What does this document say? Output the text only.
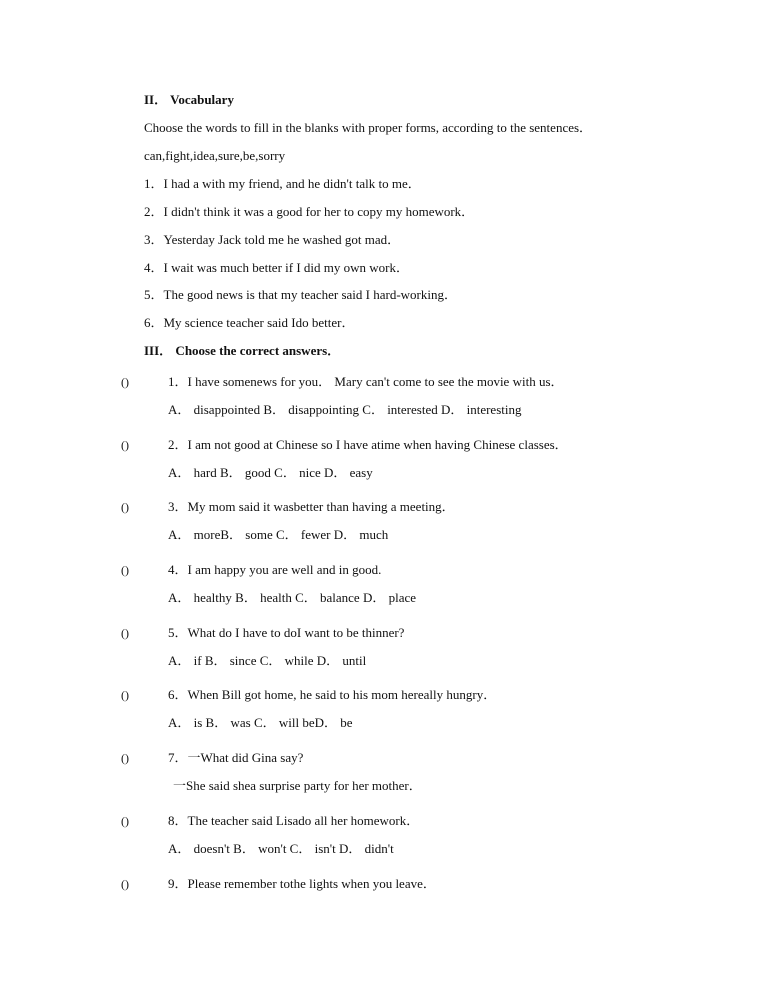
II． Vocabulary
Choose the words to fill in the blanks with proper forms, according to the sentences．
can,fight,idea,sure,be,sorry
1．I had a with my friend, and he didn't talk to me．
2．I didn't think it was a good for her to copy my homework．
3．Yesterday Jack told me he washed got mad．
4．I wait was much better if I did my own work．
5．The good news is that my teacher said I hard-working．
6．My science teacher said Ido better．
III． Choose the correct answers．
()	1．I have somenews for you． Mary can't come to see the movie with us．
A． disappointed B． disappointing C． interested D． interesting
()	2．I am not good at Chinese so I have atime when having Chinese classes．
A． hard B． good C． nice D． easy
()	3．My mom said it wasbetter than having a meeting．
A． moreB． some C． fewer D． much
()	4．I am happy you are well and in good.
A． healthy B． health C． balance D． place
()	5．What do I have to doI want to be thinner?
A． if B． since C． while D． until
()	6．When Bill got home, he said to his mom hereally hungry．
A． is B． was C． will beD． be
()	7．一What did Gina say?
一She said shea surprise party for her mother．
()	8．The teacher said Lisado all her homework．
A． doesn't B． won't C． isn't D． didn't
()	9．Please remember tothe lights when you leave．
